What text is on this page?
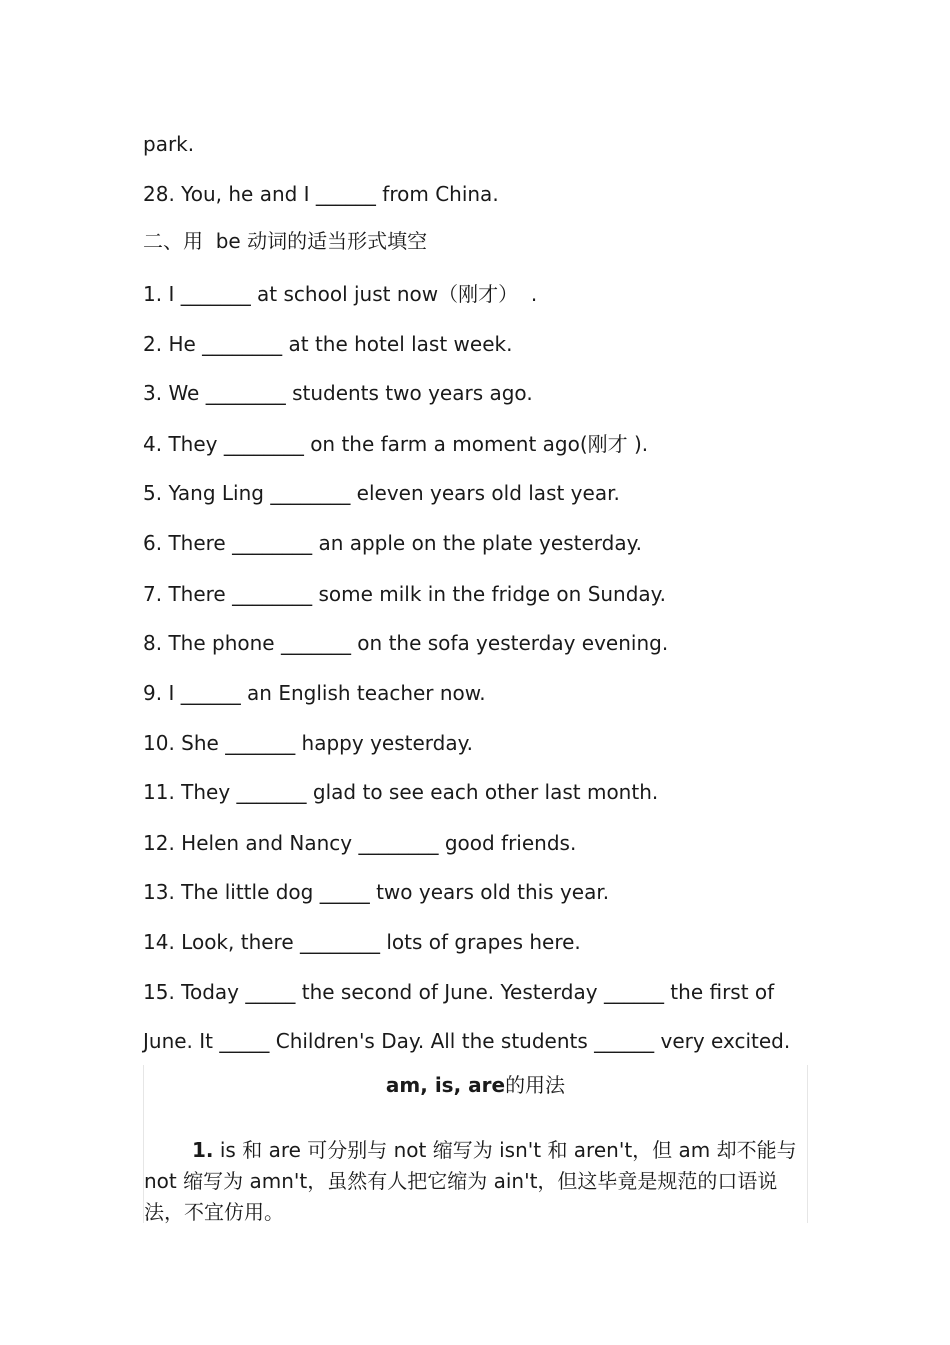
park.
28. You, he and I ______ from China.
二、用  be 动词的适当形式填空
1. I _______ at school just now（刚才）  .
2. He ________ at the hotel last week.
3. We ________ students two years ago.
4. They ________ on the farm a moment ago(刚才 ).
5. Yang Ling ________ eleven years old last year.
6. There ________ an apple on the plate yesterday.
7. There ________ some milk in the fridge on Sunday.
8. The phone _______ on the sofa yesterday evening.
9. I ______ an English teacher now.
10. She _______ happy yesterday.
11. They _______ glad to see each other last month.
12. Helen and Nancy ________ good friends.
13. The little dog _____ two years old this year.
14. Look, there ________ lots of grapes here.
15. Today _____ the second of June. Yesterday ______ the first of
June. It _____ Children's Day. All the students ______ very excited.
am, is, are的用法
1. is 和 are 可分别与 not 缩写为 isn't 和 aren't，但 am 却不能与 not 缩写为 amn't，虽然有人把它缩为 ain't，但这毕竟是规范的口语说法，不宜仿用。
